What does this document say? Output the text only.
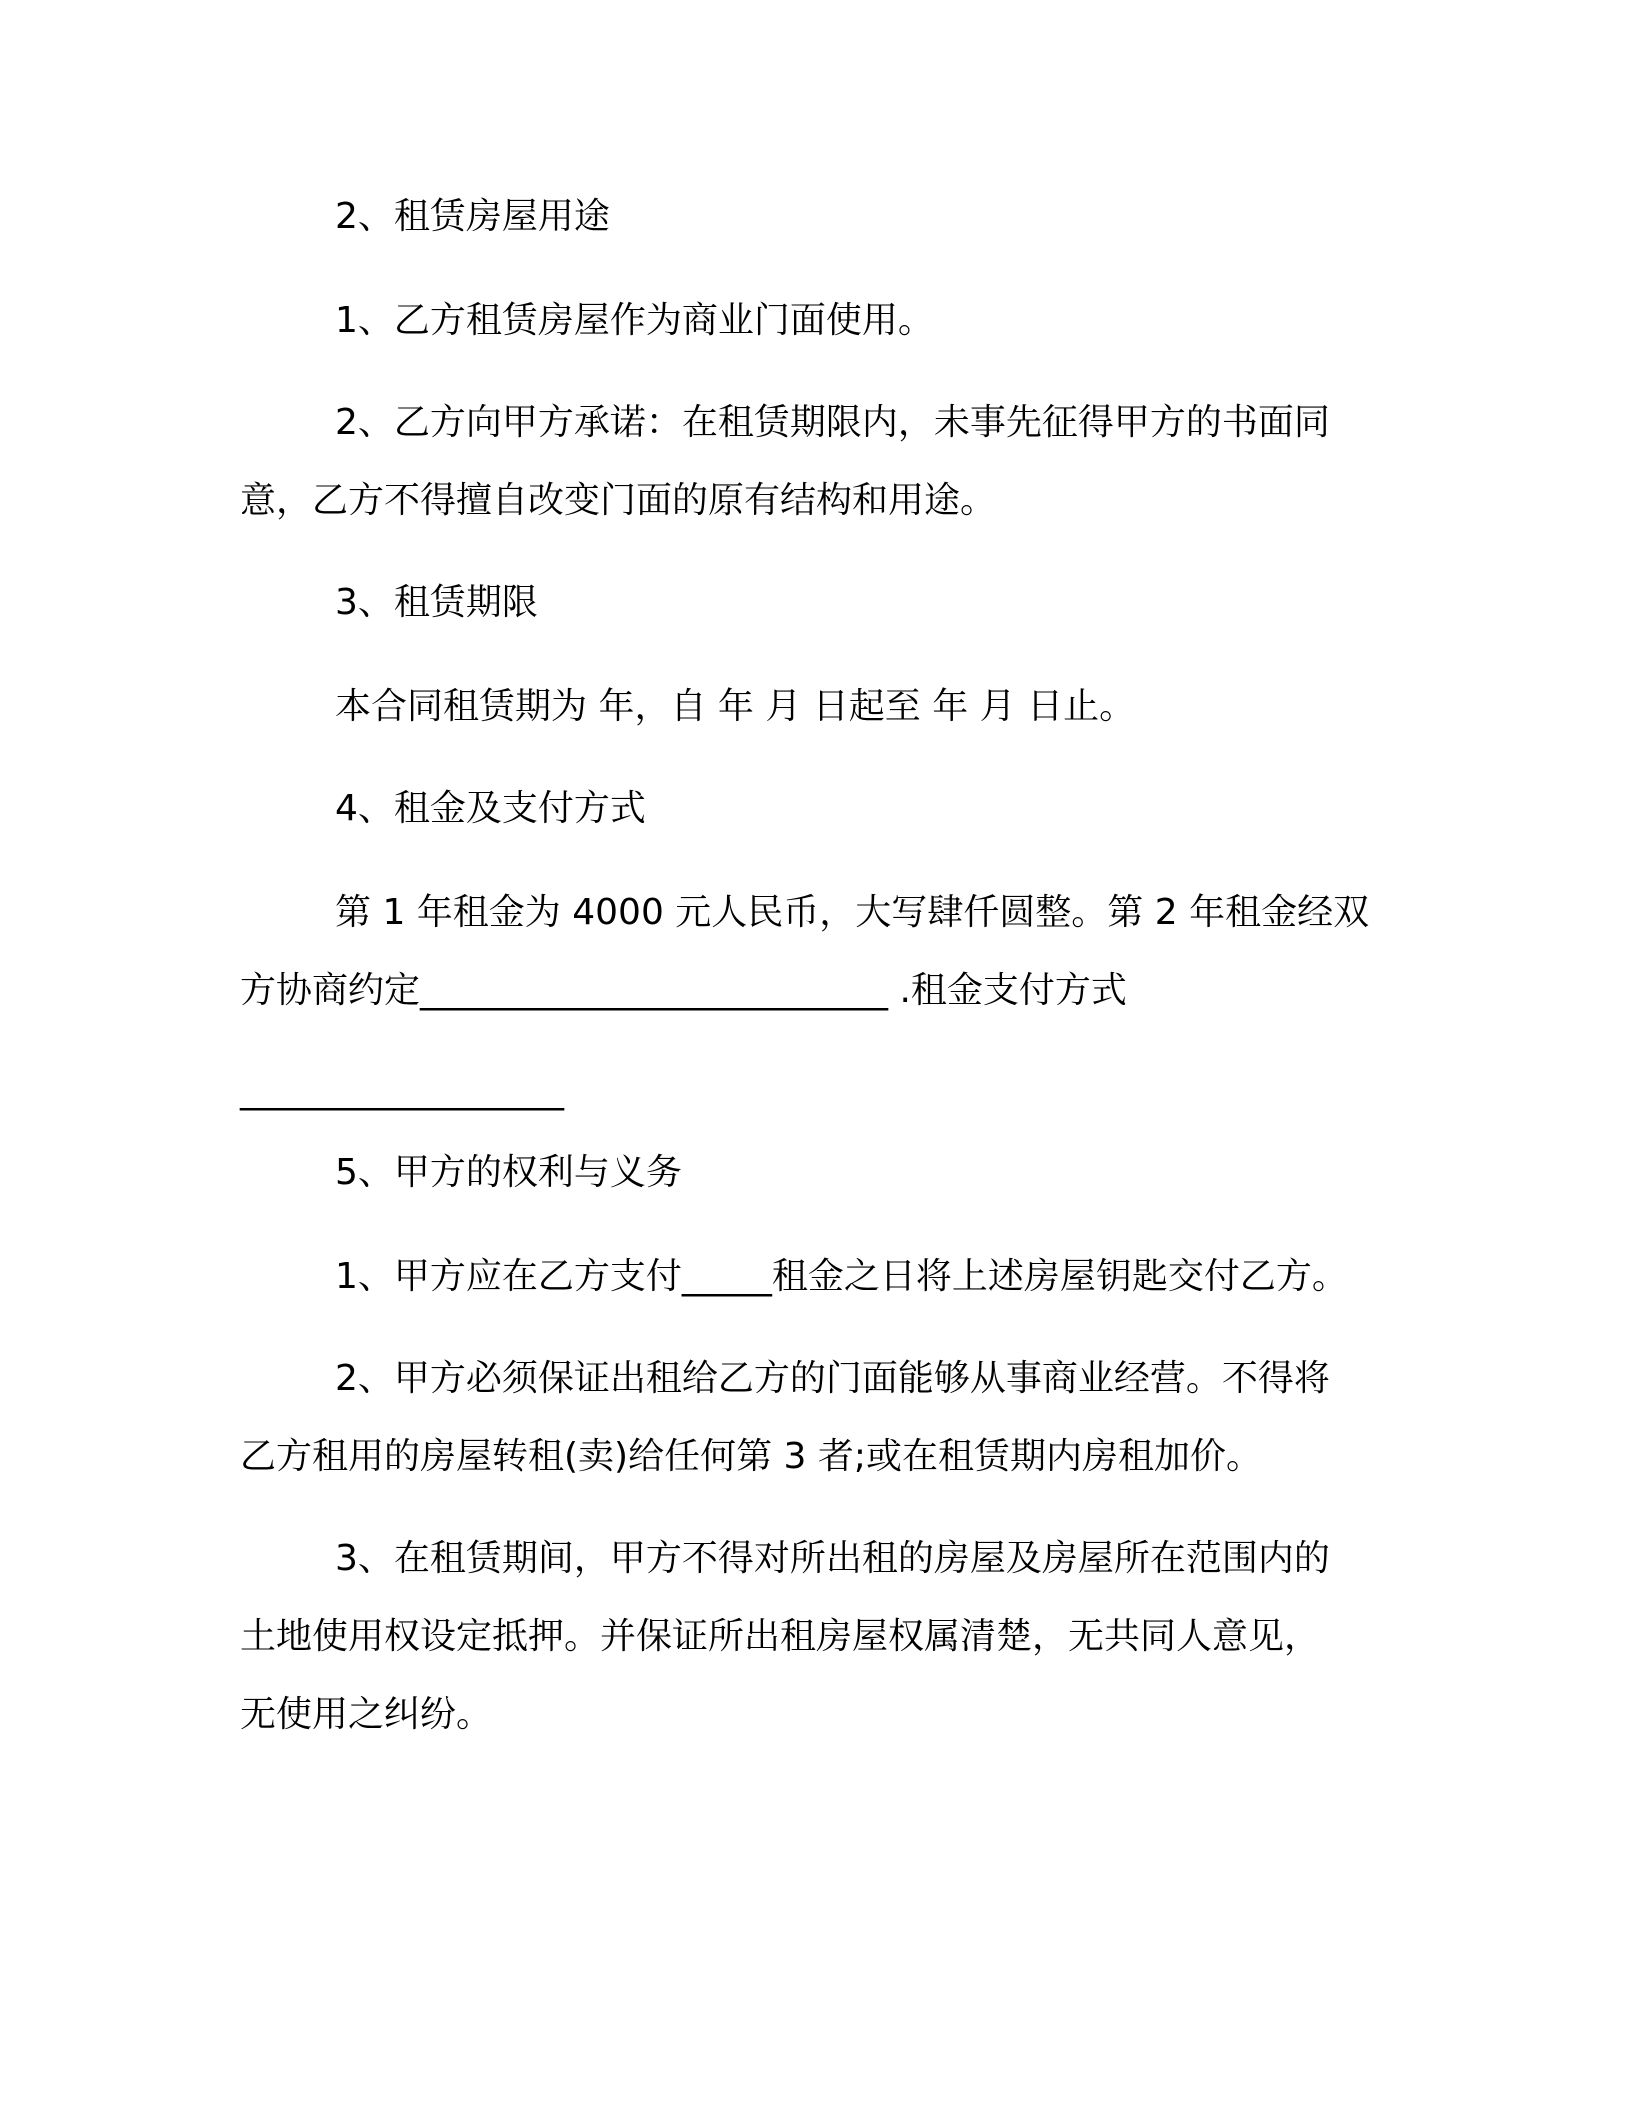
2、租赁房屋用途

1、乙方租赁房屋作为商业门面使用。

2、乙方向甲方承诺：在租赁期限内，未事先征得甲方的书面同
意，乙方不得擅自改变门面的原有结构和用途。

3、租赁期限

本合同租赁期为 年，自 年 月 日起至 年 月 日止。

4、租金及支付方式

第 1 年租金为 4000 元人民币，大写肆仟圆整。第 2 年租金经双
方协商约定__________________________ .租金支付方式

__________________

5、甲方的权利与义务

1、甲方应在乙方支付_____租金之日将上述房屋钥匙交付乙方。

2、甲方必须保证出租给乙方的门面能够从事商业经营。不得将
乙方租用的房屋转租(卖)给任何第 3 者;或在租赁期内房租加价。

3、在租赁期间，甲方不得对所出租的房屋及房屋所在范围内的
土地使用权设定抵押。并保证所出租房屋权属清楚，无共同人意见，
无使用之纠纷。
